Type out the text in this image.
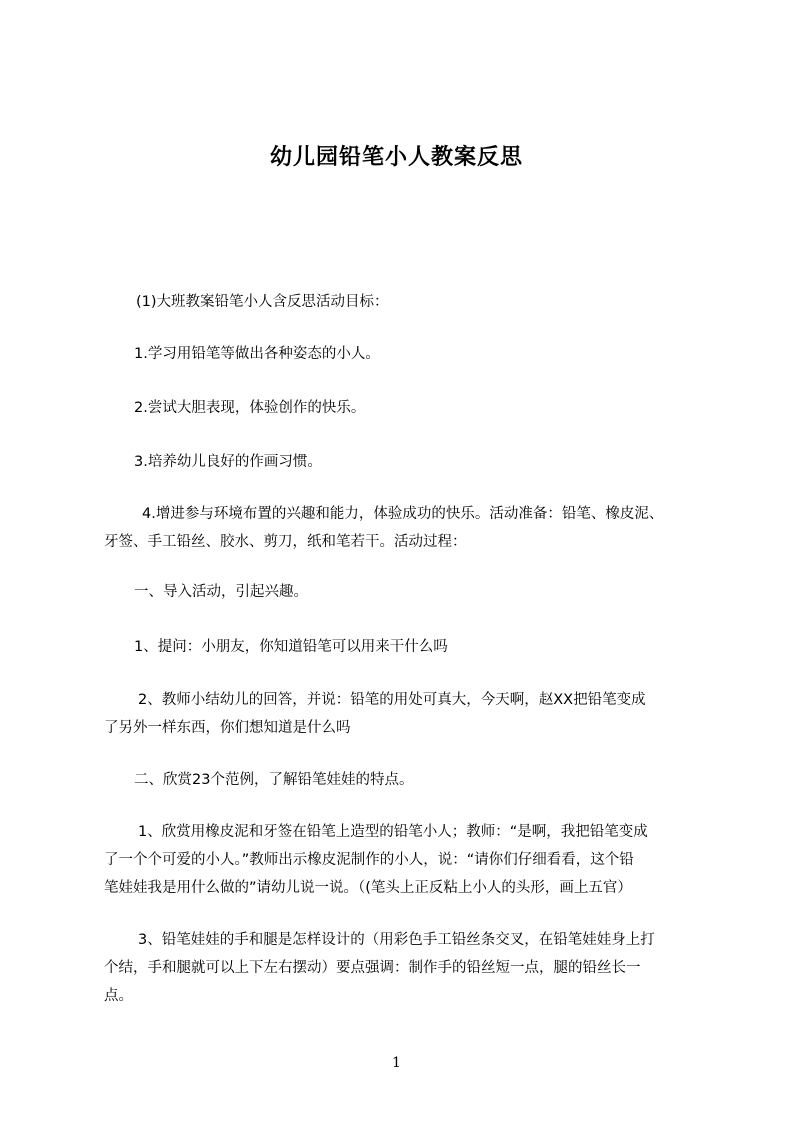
幼儿园铅笔小人教案反思
(1)大班教案铅笔小人含反思活动目标：
1.学习用铅笔等做出各种姿态的小人。
2.尝试大胆表现，体验创作的快乐。
3.培养幼儿良好的作画习惯。
4.增进参与环境布置的兴趣和能力，体验成功的快乐。活动准备：铅笔、橡皮泥、
牙签、手工铅丝、胶水、剪刀，纸和笔若干。活动过程：
一、导入活动，引起兴趣。
1、提问：小朋友，你知道铅笔可以用来干什么吗
2、教师小结幼儿的回答，并说：铅笔的用处可真大，今天啊，赵XX把铅笔变成
了另外一样东西，你们想知道是什么吗
二、欣赏23个范例，了解铅笔娃娃的特点。
1、欣赏用橡皮泥和牙签在铅笔上造型的铅笔小人；教师：“是啊，我把铅笔变成
了一个个可爱的小人。”教师出示橡皮泥制作的小人，说：“请你们仔细看看，这个铅
笔娃娃我是用什么做的”请幼儿说一说。（(笔头上正反粘上小人的头形，画上五官）
3、铅笔娃娃的手和腿是怎样设计的（用彩色手工铅丝条交叉，在铅笔娃娃身上打
个结，手和腿就可以上下左右摆动）要点强调：制作手的铅丝短一点，腿的铅丝长一
点。
1
